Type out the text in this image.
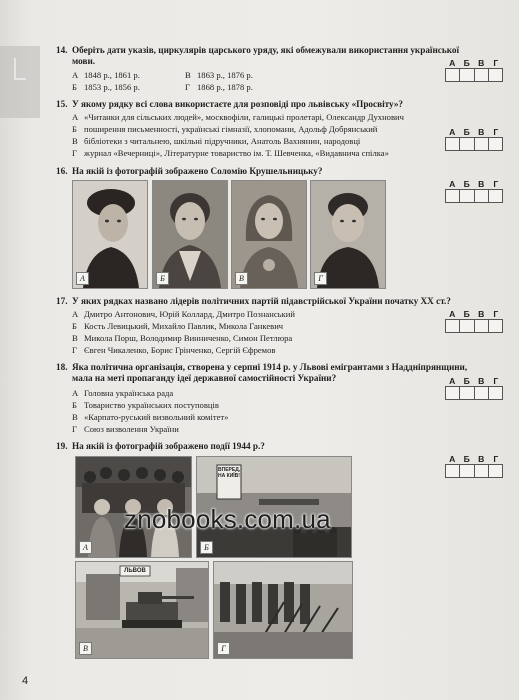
14. Оберіть дати указів, циркулярів царського уряду, які обмежували використання української
мови.
А 1848 р., 1861 р.
Б 1853 р., 1856 р.
В 1863 р., 1876 р.
Г 1868 р., 1878 р.
А Б В	Г
15. У якому рядку всі слова використаєте для розповіді про львівську «Просвіту»?
А «Читанки для сільських людей», москвофіли, галицькі пролетарі, Олександр Духнович
Б поширення письменності, українські гімназії, хлопомани, Адольф Добрянський
В бібліотеки з читальнею, шкільні підручники, Анатоль Вахнянин, народовці
Г журнал «Вечерниці», Літературне товариство ім. Т. Шевченка, «Видавнича спілка»
А Б В	Г
16. На якій із фотографій зображено Соломію Крушельницьку?
А Б В	Г
А	Б	В	Г
17. У яких рядках названо лідерів політичних партій підавстрійської України початку XX ст.?
А Дмитро Антонович, Юрій Коллард, Дмитро Познанський
Б Кость Левицький, Михайло Павлик, Микола Ганкевич
В Микола Порш, Володимир Винниченко, Симон Петлюра
Г Євген Чикаленко, Борис Грінченко, Сергій Єфремов
А Б В	Г
18. Яка політична організація, створена у серпні 1914 р. у Львові емігрантами з Наддніпрянщини,
мала на меті пропаганду ідеї державної самостійності України?
А Головна українська рада
Б Товариство українських поступовців
В «Карпато-руський визвольний комітет»
Г Союз визволення України
А Б В	Г
19. На якій із фотографій зображено події 1944 р.?
А Б В	Г
А
ВПЕРЕД, НА КИЇВ!
Б
ЛЬВОВ
В	Г
znobooks.com.ua
4
